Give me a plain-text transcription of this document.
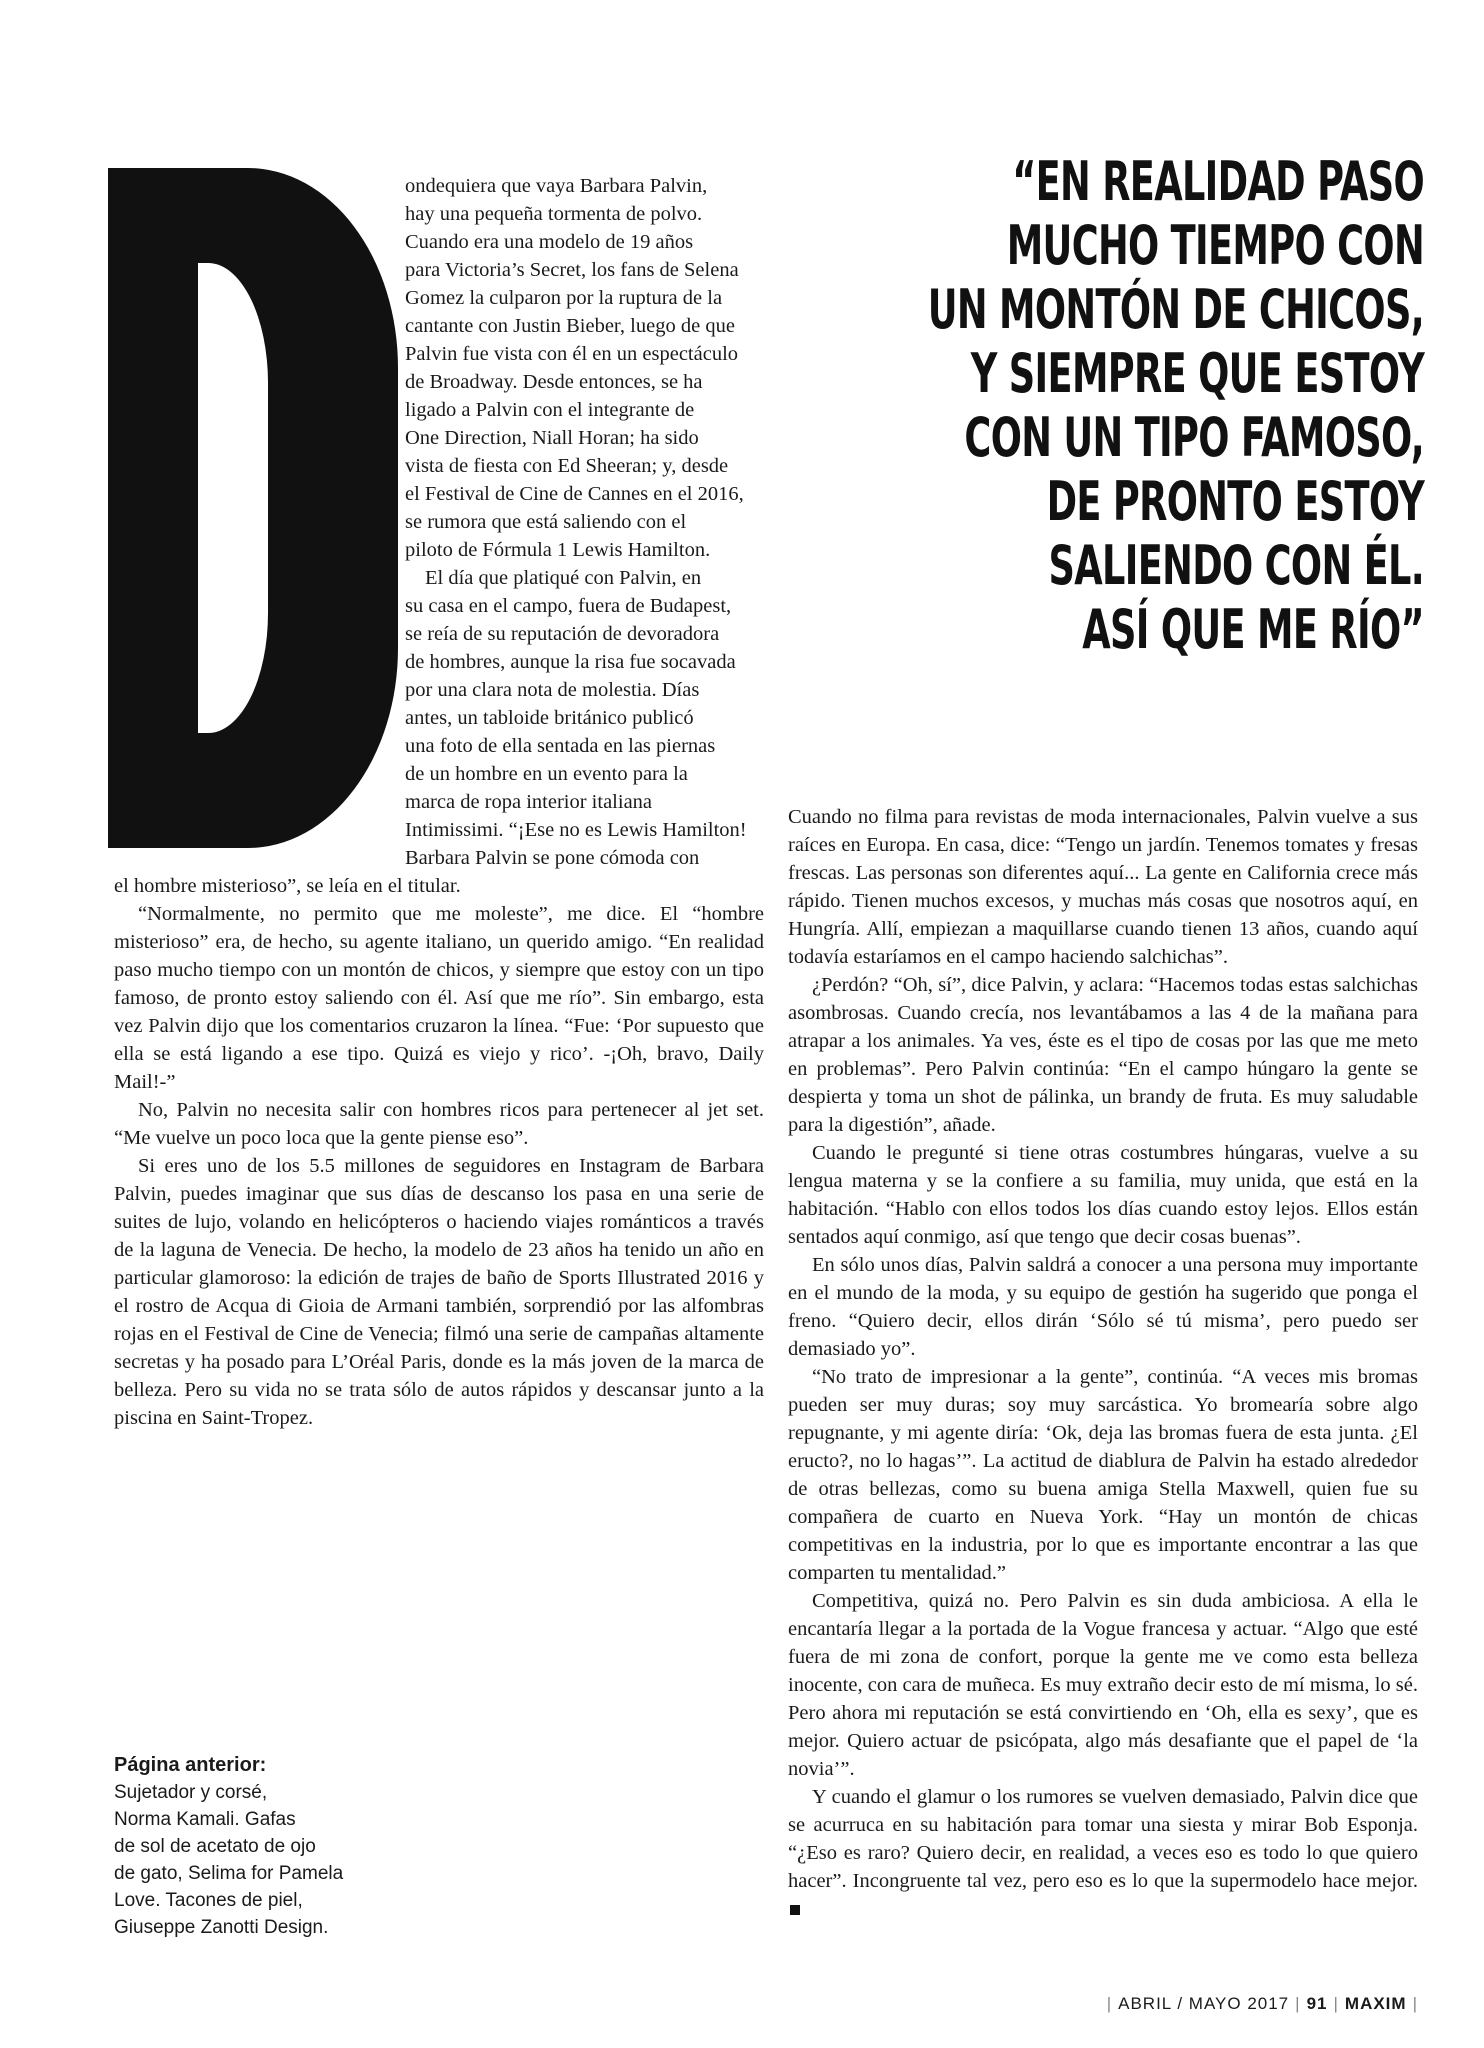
“EN REALIDAD PASO
MUCHO TIEMPO CON
UN MONTÓN DE CHICOS,
Y SIEMPRE QUE ESTOY
CON UN TIPO FAMOSO,
DE PRONTO ESTOY
SALIENDO CON ÉL.
ASÍ QUE ME RÍO”
ondequiera que vaya Barbara Palvin,
hay una pequeña tormenta de polvo.
Cuando era una modelo de 19 años
para Victoria’s Secret, los fans de Selena
Gomez la culparon por la ruptura de la
cantante con Justin Bieber, luego de que
Palvin fue vista con él en un espectáculo
de Broadway. Desde entonces, se ha
ligado a Palvin con el integrante de
One Direction, Niall Horan; ha sido
vista de fiesta con Ed Sheeran; y, desde
el Festival de Cine de Cannes en el 2016,
se rumora que está saliendo con el
piloto de Fórmula 1 Lewis Hamilton.
El día que platiqué con Palvin, en
su casa en el campo, fuera de Budapest,
se reía de su reputación de devoradora
de hombres, aunque la risa fue socavada
por una clara nota de molestia. Días
antes, un tabloide británico publicó
una foto de ella sentada en las piernas
de un hombre en un evento para la
marca de ropa interior italiana
Intimissimi. “¡Ese no es Lewis Hamilton!
Barbara Palvin se pone cómoda con

el hombre misterioso”, se leía en el titular.

“Normalmente, no permito que me moleste”, me dice. El “hombre misterioso” era, de hecho, su agente italiano, un querido amigo. “En realidad paso mucho tiempo con un montón de chicos, y siempre que estoy con un tipo famoso, de pronto estoy saliendo con él. Así que me río”. Sin embargo, esta vez Palvin dijo que los comentarios cruzaron la línea. “Fue: ‘Por supuesto que ella se está ligando a ese tipo. Quizá es viejo y rico’. -¡Oh, bravo, Daily Mail!-”

No, Palvin no necesita salir con hombres ricos para pertenecer al jet set. “Me vuelve un poco loca que la gente piense eso”.

Si eres uno de los 5.5 millones de seguidores en Instagram de Barbara Palvin, puedes imaginar que sus días de descanso los pasa en una serie de suites de lujo, volando en helicópteros o haciendo viajes románticos a través de la laguna de Venecia. De hecho, la modelo de 23 años ha tenido un año en particular glamoroso: la edición de trajes de baño de Sports Illustrated 2016 y el rostro de Acqua di Gioia de Armani también, sorprendió por las alfombras rojas en el Festival de Cine de Venecia; filmó una serie de campañas altamente secretas y ha posado para L’Oréal Paris, donde es la más joven de la marca de belleza. Pero su vida no se trata sólo de autos rápidos y descansar junto a la piscina en Saint-Tropez.

Cuando no filma para revistas de moda internacionales, Palvin vuelve a sus raíces en Europa. En casa, dice: “Tengo un jardín. Tenemos tomates y fresas frescas. Las personas son diferentes aquí... La gente en California crece más rápido. Tienen muchos excesos, y muchas más cosas que nosotros aquí, en Hungría. Allí, empiezan a maquillarse cuando tienen 13 años, cuando aquí todavía estaríamos en el campo haciendo salchichas”.

¿Perdón? “Oh, sí”, dice Palvin, y aclara: “Hacemos todas estas salchichas asombrosas. Cuando crecía, nos levantábamos a las 4 de la mañana para atrapar a los animales. Ya ves, éste es el tipo de cosas por las que me meto en problemas”. Pero Palvin continúa: “En el campo húngaro la gente se despierta y toma un shot de pálinka, un brandy de fruta. Es muy saludable para la digestión”, añade.

Cuando le pregunté si tiene otras costumbres húngaras, vuelve a su lengua materna y se la confiere a su familia, muy unida, que está en la habitación. “Hablo con ellos todos los días cuando estoy lejos. Ellos están sentados aquí conmigo, así que tengo que decir cosas buenas”.

En sólo unos días, Palvin saldrá a conocer a una persona muy importante en el mundo de la moda, y su equipo de gestión ha sugerido que ponga el freno. “Quiero decir, ellos dirán ‘Sólo sé tú misma’, pero puedo ser demasiado yo”.

“No trato de impresionar a la gente”, continúa. “A veces mis bromas pueden ser muy duras; soy muy sarcástica. Yo bromearía sobre algo repugnante, y mi agente diría: ‘Ok, deja las bromas fuera de esta junta. ¿El eructo?, no lo hagas’”. La actitud de diablura de Palvin ha estado alrededor de otras bellezas, como su buena amiga Stella Maxwell, quien fue su compañera de cuarto en Nueva York. “Hay un montón de chicas competitivas en la industria, por lo que es importante encontrar a las que comparten tu mentalidad.”

Competitiva, quizá no. Pero Palvin es sin duda ambiciosa. A ella le encantaría llegar a la portada de la Vogue francesa y actuar. “Algo que esté fuera de mi zona de confort, porque la gente me ve como esta belleza inocente, con cara de muñeca. Es muy extraño decir esto de mí misma, lo sé. Pero ahora mi reputación se está convirtiendo en ‘Oh, ella es sexy’, que es mejor. Quiero actuar de psicópata, algo más desafiante que el papel de ‘la novia’”.

Y cuando el glamur o los rumores se vuelven demasiado, Palvin dice que se acurruca en su habitación para tomar una siesta y mirar Bob Esponja. “¿Eso es raro? Quiero decir, en realidad, a veces eso es todo lo que quiero hacer”. Incongruente tal vez, pero eso es lo que la supermodelo hace mejor.

Página anterior:
Sujetador y corsé,
Norma Kamali. Gafas
de sol de acetato de ojo
de gato, Selima for Pamela
Love. Tacones de piel,
Giuseppe Zanotti Design.
| ABRIL / MAYO 2017 | 91 | MAXIM |
